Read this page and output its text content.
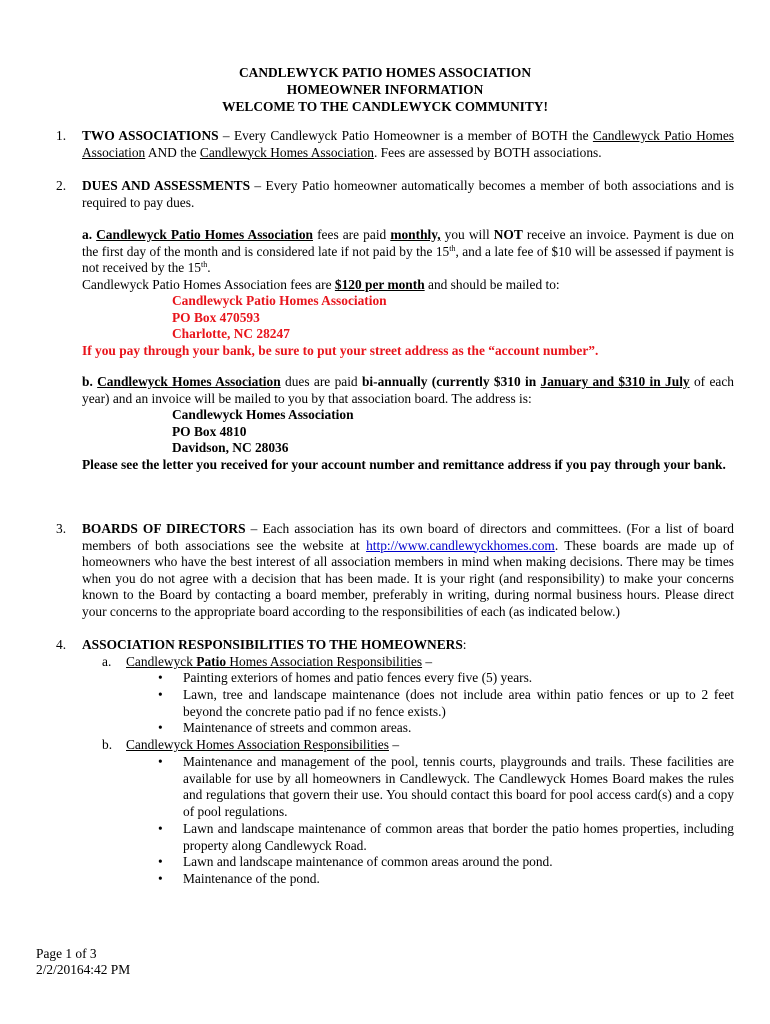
CANDLEWYCK PATIO HOMES ASSOCIATION
HOMEOWNER INFORMATION
WELCOME TO THE CANDLEWYCK COMMUNITY!
1. TWO ASSOCIATIONS – Every Candlewyck Patio Homeowner is a member of BOTH the Candlewyck Patio Homes Association AND the Candlewyck Homes Association. Fees are assessed by BOTH associations.
2. DUES AND ASSESSMENTS – Every Patio homeowner automatically becomes a member of both associations and is required to pay dues.
a. Candlewyck Patio Homes Association fees are paid monthly, you will NOT receive an invoice. Payment is due on the first day of the month and is considered late if not paid by the 15th, and a late fee of $10 will be assessed if payment is not received by the 15th.
Candlewyck Patio Homes Association fees are $120 per month and should be mailed to:
Candlewyck Patio Homes Association
PO Box 470593
Charlotte, NC 28247
If you pay through your bank, be sure to put your street address as the “account number”.
b. Candlewyck Homes Association dues are paid bi-annually (currently $310 in January and $310 in July of each year) and an invoice will be mailed to you by that association board. The address is:
Candlewyck Homes Association
PO Box 4810
Davidson, NC 28036
Please see the letter you received for your account number and remittance address if you pay through your bank.
3. BOARDS OF DIRECTORS – Each association has its own board of directors and committees. (For a list of board members of both associations see the website at http://www.candlewyckhomes.com. These boards are made up of homeowners who have the best interest of all association members in mind when making decisions. There may be times when you do not agree with a decision that has been made. It is your right (and responsibility) to make your concerns known to the Board by contacting a board member, preferably in writing, during normal business hours. Please direct your concerns to the appropriate board according to the responsibilities of each (as indicated below.)
4. ASSOCIATION RESPONSIBILITIES TO THE HOMEOWNERS:
a. Candlewyck Patio Homes Association Responsibilities –
• Painting exteriors of homes and patio fences every five (5) years.
• Lawn, tree and landscape maintenance (does not include area within patio fences or up to 2 feet beyond the concrete patio pad if no fence exists.)
• Maintenance of streets and common areas.
b. Candlewyck Homes Association Responsibilities –
• Maintenance and management of the pool, tennis courts, playgrounds and trails. These facilities are available for use by all homeowners in Candlewyck. The Candlewyck Homes Board makes the rules and regulations that govern their use. You should contact this board for pool access card(s) and a copy of pool regulations.
• Lawn and landscape maintenance of common areas that border the patio homes properties, including property along Candlewyck Road.
• Lawn and landscape maintenance of common areas around the pond.
• Maintenance of the pond.
Page 1 of 3
2/2/20164:42 PM
